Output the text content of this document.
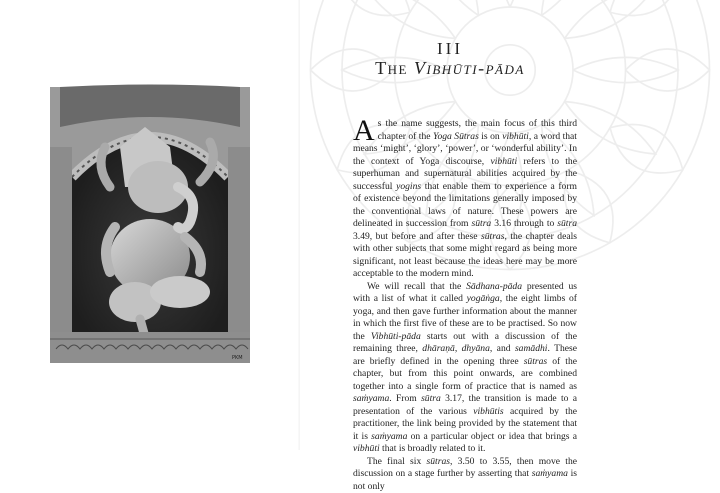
PKM
III
The Vibhūti-pāda

As the name suggests, the main focus of this third chapter of the Yoga Sūtras is on vibhūti, a word that means ‘might’, ‘glory’, ‘power’, or ‘wonderful ability’. In the context of Yoga discourse, vibhūti refers to the superhuman and supernatural abilities acquired by the successful yogins that enable them to experience a form of existence beyond the limitations generally imposed by the conventional laws of nature. These powers are delineated in succession from sūtra 3.16 through to sūtra 3.49, but before and after these sūtras, the chapter deals with other subjects that some might regard as being more significant, not least because the ideas here may be more acceptable to the modern mind.

We will recall that the Sādhana-pāda presented us with a list of what it called yogāṅga, the eight limbs of yoga, and then gave further information about the manner in which the first five of these are to be practised. So now the Vibhūti-pāda starts out with a discussion of the remaining three, dhāraṇā, dhyāna, and samādhi. These are briefly defined in the opening three sūtras of the chapter, but from this point onwards, are combined together into a single form of practice that is named as saṁyama. From sūtra 3.17, the transition is made to a presentation of the various vibhūtis acquired by the practitioner, the link being provided by the statement that it is saṁyama on a particular object or idea that brings a vibhūti that is broadly related to it.

The final six sūtras, 3.50 to 3.55, then move the discussion on a stage further by asserting that saṁyama is not only
